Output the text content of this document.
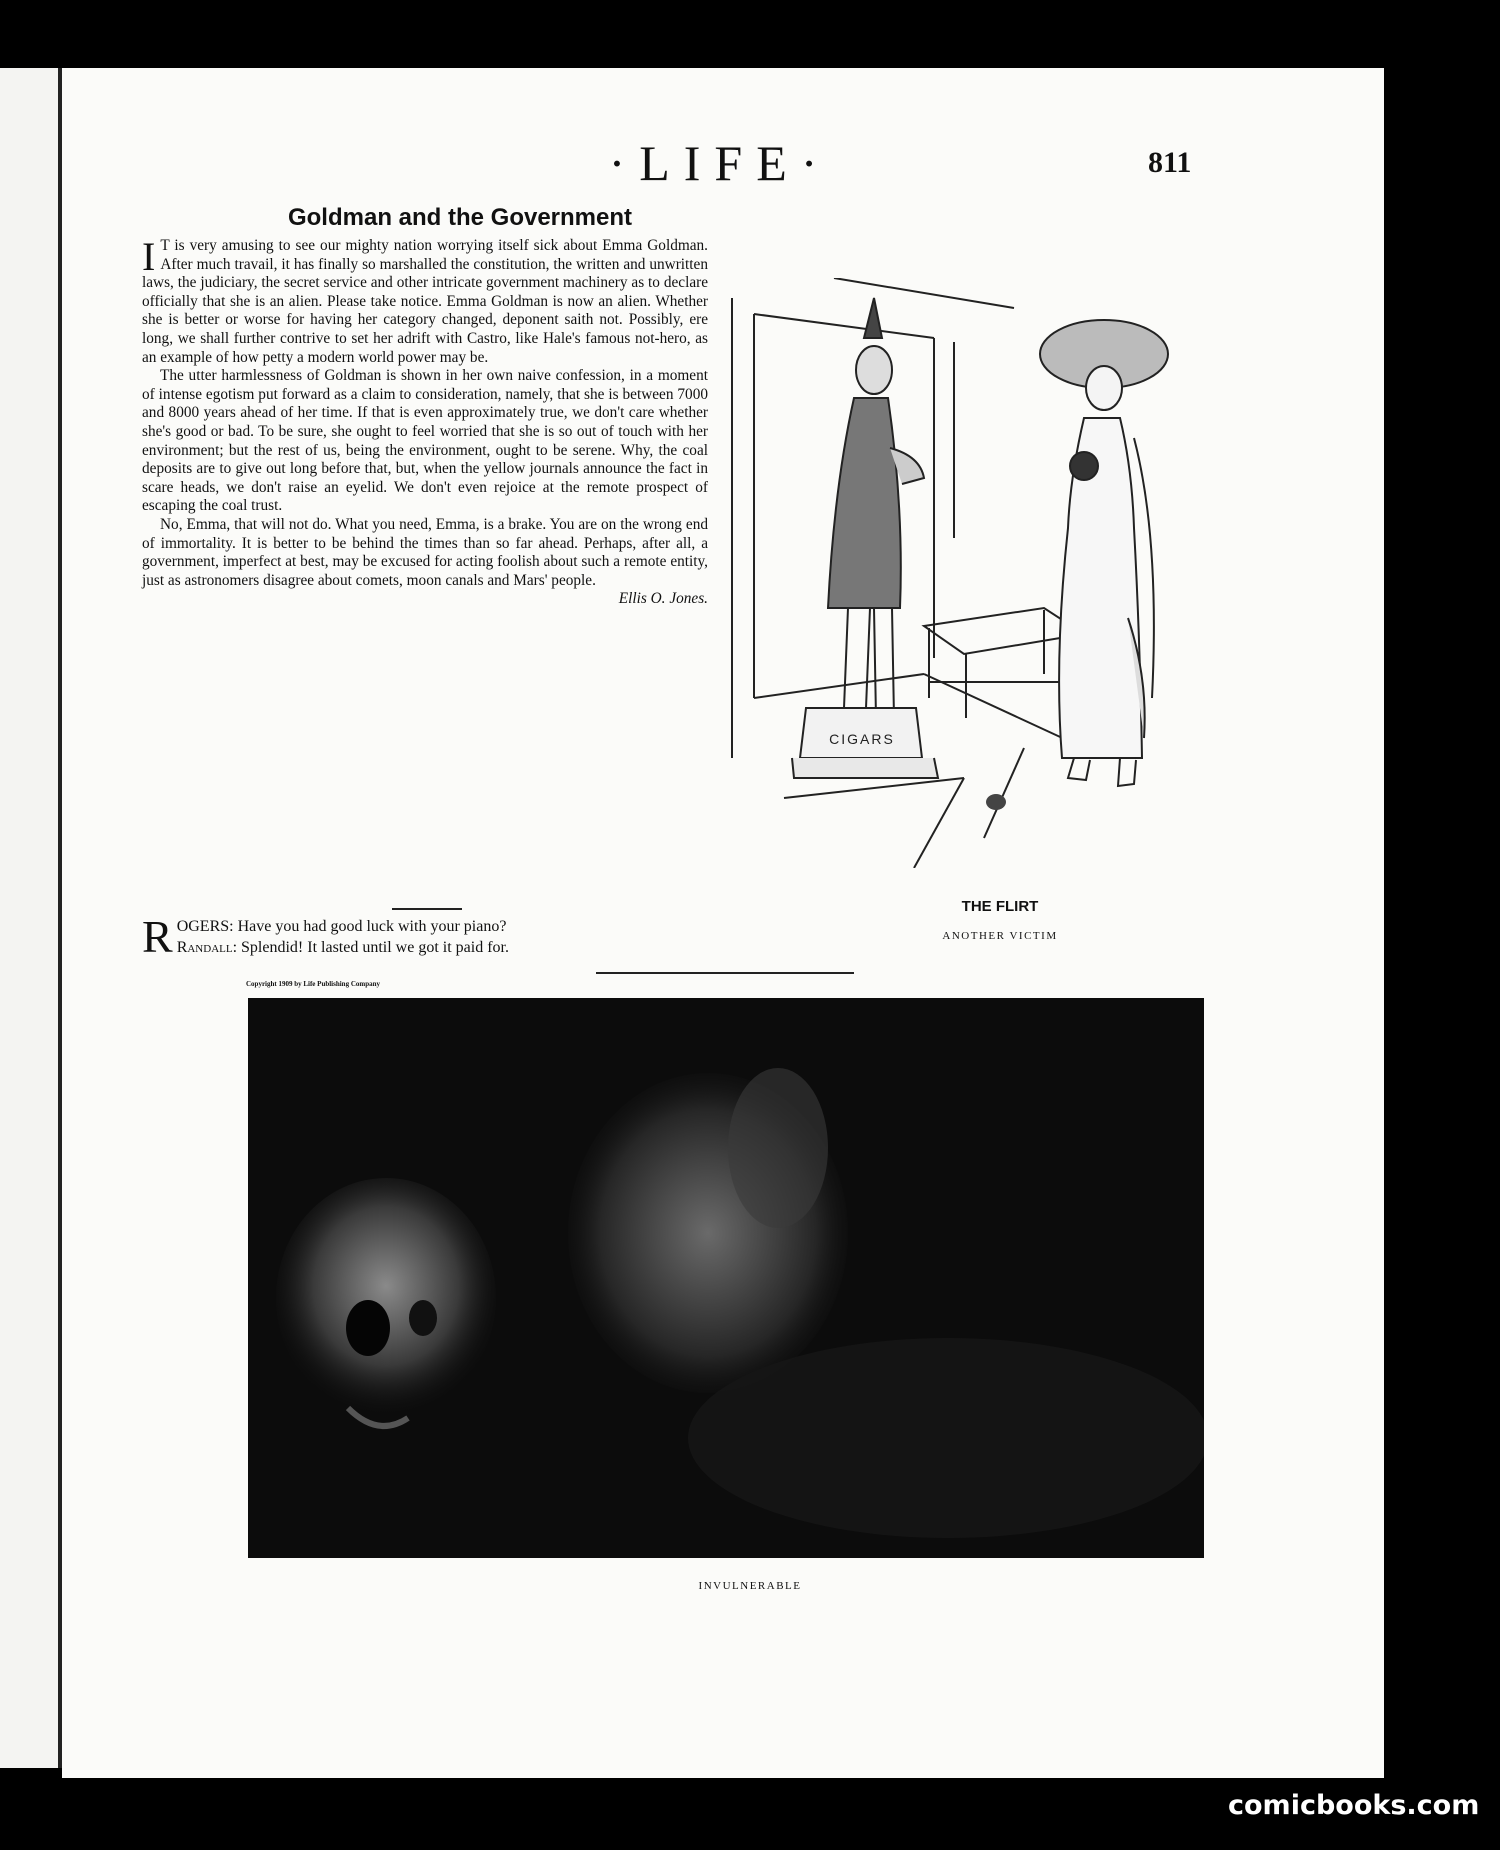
·LIFE·	811
Goldman and the Government

I T is very amusing to see our mighty nation worrying itself sick about Emma Goldman. After much travail, it has finally so marshalled the constitution, the written and unwritten laws, the judiciary, the secret service and other intricate government machinery as to declare officially that she is an alien. Please take notice. Emma Goldman is now an alien. Whether she is better or worse for having her category changed, deponent saith not. Possibly, ere long, we shall further contrive to set her adrift with Castro, like Hale's famous not-hero, as an example of how petty a modern world power may be.

The utter harmlessness of Goldman is shown in her own naive confession, in a moment of intense egotism put forward as a claim to consideration, namely, that she is between 7000 and 8000 years ahead of her time. If that is even approximately true, we don't care whether she's good or bad. To be sure, she ought to feel worried that she is so out of touch with her environment; but the rest of us, being the environment, ought to be serene. Why, the coal deposits are to give out long before that, but, when the yellow journals announce the fact in scare heads, we don't raise an eyelid. We don't even rejoice at the remote prospect of escaping the coal trust.

No, Emma, that will not do. What you need, Emma, is a brake. You are on the wrong end of immortality. It is better to be behind the times than so far ahead. Perhaps, after all, a government, imperfect at best, may be excused for acting foolish about such a remote entity, just as astronomers disagree about comets, moon canals and Mars' people.

Ellis O. Jones.
ROGERS: Have you had good luck with your piano?
Randall: Splendid! It lasted until we got it paid for.
CIGARS
THE FLIRT
ANOTHER VICTIM
Copyright 1909 by Life Publishing Company
INVULNERABLE
comicbooks.com
